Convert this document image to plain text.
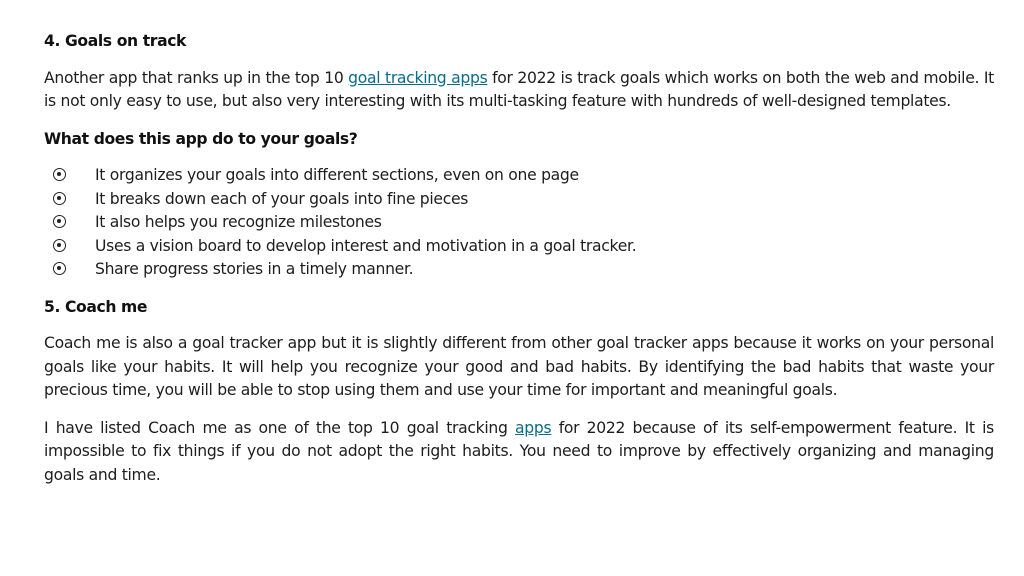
4. Goals on track

Another app that ranks up in the top 10 goal tracking apps for 2022 is track goals which works on both the web and mobile. It is not only easy to use, but also very interesting with its multi-tasking feature with hundreds of well-designed templates.

What does this app do to your goals?
It organizes your goals into different sections, even on one page
It breaks down each of your goals into fine pieces
It also helps you recognize milestones
Uses a vision board to develop interest and motivation in a goal tracker.
Share progress stories in a timely manner.
5. Coach me

Coach me is also a goal tracker app but it is slightly different from other goal tracker apps because it works on your personal goals like your habits. It will help you recognize your good and bad habits. By identifying the bad habits that waste your precious time, you will be able to stop using them and use your time for important and meaningful goals.

I have listed Coach me as one of the top 10 goal tracking apps for 2022 because of its self-empowerment feature. It is impossible to fix things if you do not adopt the right habits. You need to improve by effectively organizing and managing goals and time.
